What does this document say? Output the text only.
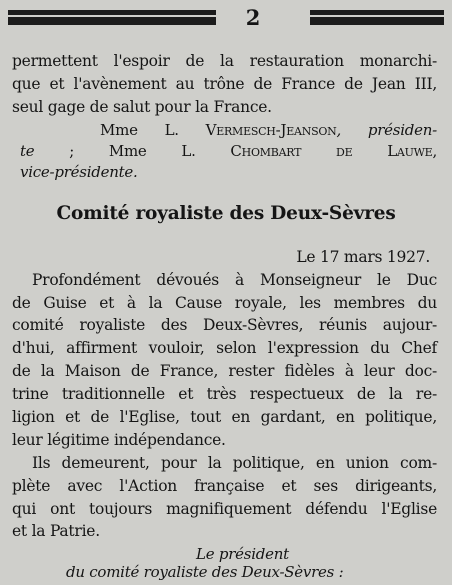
2
permettent l'espoir de la restauration monarchi-
que et l'avènement au trône de France de Jean III,
seul gage de salut pour la France.
Mme L. Vermesch-Jeanson, présiden-
te ; Mme L. Chombart de Lauwe,
vice-présidente.
Comité royaliste des Deux-Sèvres
Le 17 mars 1927.
Profondément dévoués à Monseigneur le Duc
de Guise et à la Cause royale, les membres du
comité royaliste des Deux-Sèvres, réunis aujour-
d'hui, affirment vouloir, selon l'expression du Chef
de la Maison de France, rester fidèles à leur doc-
trine traditionnelle et très respectueux de la re-
ligion et de l'Eglise, tout en gardant, en politique,
leur légitime indépendance.
Ils demeurent, pour la politique, en union com-
plète avec l'Action française et ses dirigeants,
qui ont toujours magnifiquement défendu l'Eglise
et la Patrie.
Le président
du comité royaliste des Deux-Sèvres :
